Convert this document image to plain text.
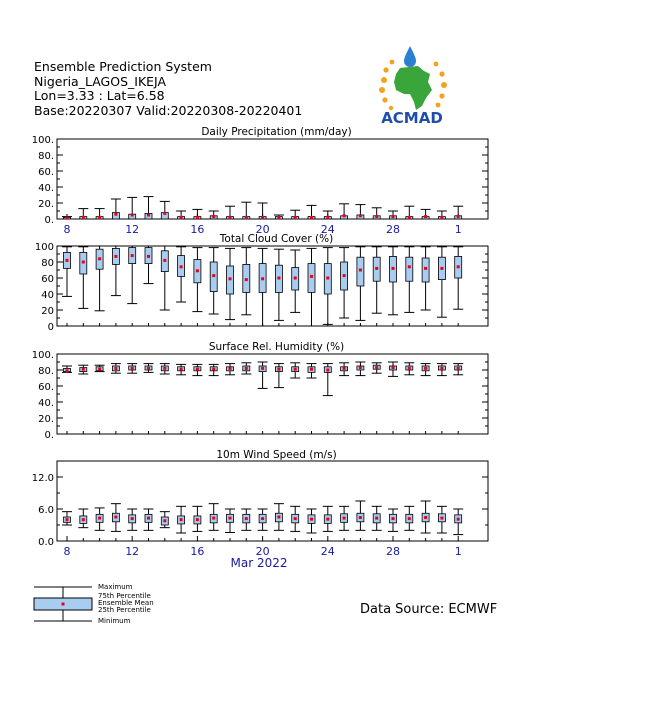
Ensemble Prediction System
Nigeria_LAGOS_IKEJA
Lon=3.33 : Lat=6.58
Base:20220307 Valid:20220308-20220401	ACMAD
Daily Precipitation (mm/day)
0.
20.
40.
60.
80.
100.
8	12	16	20	24	28	1
Total Cloud Cover (%)
0
20
40
60
80
100
Surface Rel. Humidity (%)
0.
20.
40.
60.
80.
100.
10m Wind Speed (m/s)
0.0
6.0
12.0
8	12	16	20	24	28	1
Mar 2022
Maximum
75th Percentile
Ensemble Mean
25th Percentile
Minimum
Data Source: ECMWF
